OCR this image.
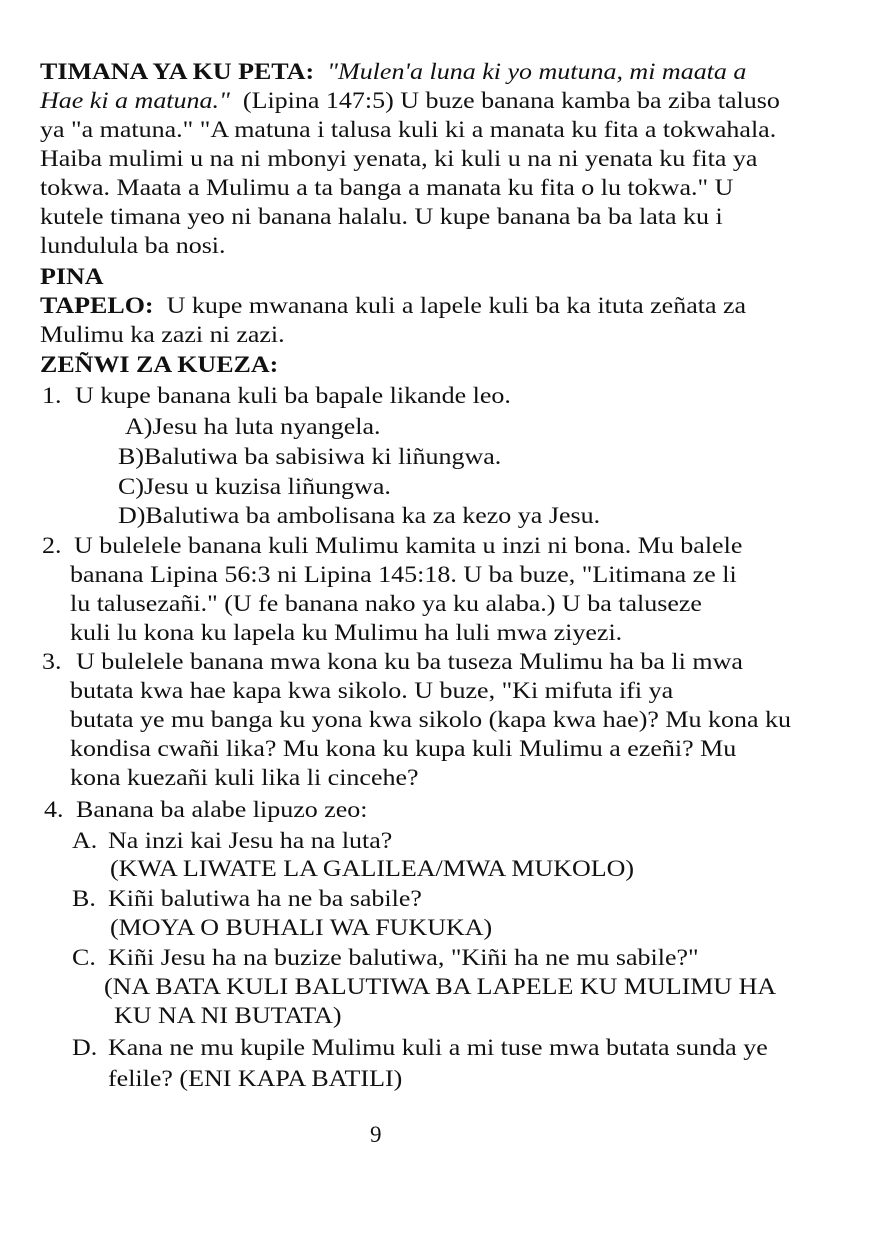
TIMANA YA KU PETA: "Mulen'a luna ki yo mutuna, mi maata a
Hae ki a matuna." (Lipina 147:5) U buze banana kamba ba ziba taluso
ya "a matuna." "A matuna i talusa kuli ki a manata ku fita a tokwahala.
Haiba mulimi u na ni mbonyi yenata, ki kuli u na ni yenata ku fita ya
tokwa. Maata a Mulimu a ta banga a manata ku fita o lu tokwa." U
kutele timana yeo ni banana halalu. U kupe banana ba ba lata ku i
lundulula ba nosi.
PINA
TAPELO: U kupe mwanana kuli a lapele kuli ba ka ituta zeñata za
Mulimu ka zazi ni zazi.
ZEÑWI ZA KUEZA:
1. U kupe banana kuli ba bapale likande leo.
A)Jesu ha luta nyangela.
B)Balutiwa ba sabisiwa ki liñungwa.
C)Jesu u kuzisa liñungwa.
D)Balutiwa ba ambolisana ka za kezo ya Jesu.
2. U bulelele banana kuli Mulimu kamita u inzi ni bona. Mu balele
banana Lipina 56:3 ni Lipina 145:18. U ba buze, "Litimana ze li
lu talusezañi." (U fe banana nako ya ku alaba.) U ba taluseze
kuli lu kona ku lapela ku Mulimu ha luli mwa ziyezi.
3. U bulelele banana mwa kona ku ba tuseza Mulimu ha ba li mwa
butata kwa hae kapa kwa sikolo. U buze, "Ki mifuta ifi ya
butata ye mu banga ku yona kwa sikolo (kapa kwa hae)? Mu kona ku
kondisa cwañi lika? Mu kona ku kupa kuli Mulimu a ezeñi? Mu
kona kuezañi kuli lika li cincehe?
4. Banana ba alabe lipuzo zeo:
A. Na inzi kai Jesu ha na luta?
(KWA LIWATE LA GALILEA/MWA MUKOLO)
B. Kiñi balutiwa ha ne ba sabile?
(MOYA O BUHALI WA FUKUKA)
C. Kiñi Jesu ha na buzize balutiwa, "Kiñi ha ne mu sabile?"
(NA BATA KULI BALUTIWA BA LAPELE KU MULIMU HA
KU NA NI BUTATA)
D. Kana ne mu kupile Mulimu kuli a mi tuse mwa butata sunda ye
felile? (ENI KAPA BATILI)
9
